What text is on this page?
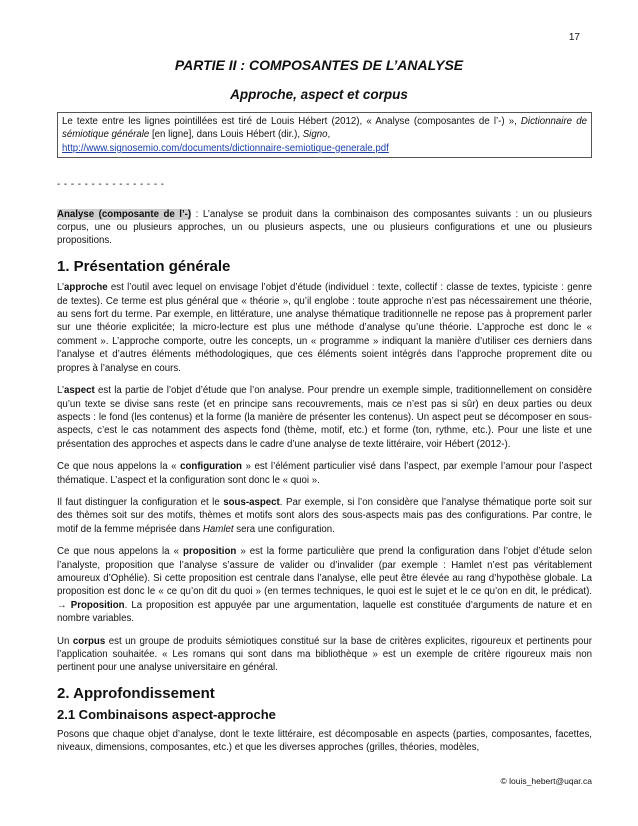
17
PARTIE II : COMPOSANTES DE L’ANALYSE
Approche, aspect et corpus

Le texte entre les lignes pointillées est tiré de Louis Hébert (2012), « Analyse (composantes de l’-) », Dictionnaire de sémiotique générale [en ligne], dans Louis Hébert (dir.), Signo,

http://www.signosemio.com/documents/dictionnaire-semiotique-generale.pdf

- - - - - - - - - - - - - - - -

Analyse (composante de l’-) : L’analyse se produit dans la combinaison des composantes suivants : un ou plusieurs corpus, une ou plusieurs approches, un ou plusieurs aspects, une ou plusieurs configurations et une ou plusieurs propositions.

1. Présentation générale

L’approche est l’outil avec lequel on envisage l’objet d’étude (individuel : texte, collectif : classe de textes, typiciste : genre de textes). Ce terme est plus général que « théorie », qu’il englobe : toute approche n’est pas nécessairement une théorie, au sens fort du terme. Par exemple, en littérature, une analyse thématique traditionnelle ne repose pas à proprement parler sur une théorie explicitée; la micro-lecture est plus une méthode d’analyse qu’une théorie. L’approche est donc le « comment ». L’approche comporte, outre les concepts, un « programme » indiquant la manière d’utiliser ces derniers dans l’analyse et d’autres éléments méthodologiques, que ces éléments soient intégrés dans l’approche proprement dite ou propres à l’analyse en cours.

L’aspect est la partie de l’objet d’étude que l’on analyse. Pour prendre un exemple simple, traditionnellement on considère qu’un texte se divise sans reste (et en principe sans recouvrements, mais ce n’est pas si sûr) en deux parties ou deux aspects : le fond (les contenus) et la forme (la manière de présenter les contenus). Un aspect peut se décomposer en sous-aspects, c’est le cas notamment des aspects fond (thème, motif, etc.) et forme (ton, rythme, etc.). Pour une liste et une présentation des approches et aspects dans le cadre d’une analyse de texte littéraire, voir Hébert (2012-).

Ce que nous appelons la « configuration » est l’élément particulier visé dans l’aspect, par exemple l’amour pour l’aspect thématique. L’aspect et la configuration sont donc le « quoi ».

Il faut distinguer la configuration et le sous-aspect. Par exemple, si l’on considère que l’analyse thématique porte soit sur des thèmes soit sur des motifs, thèmes et motifs sont alors des sous-aspects mais pas des configurations. Par contre, le motif de la femme méprisée dans Hamlet sera une configuration.

Ce que nous appelons la « proposition » est la forme particulière que prend la configuration dans l’objet d’étude selon l’analyste, proposition que l’analyse s’assure de valider ou d’invalider (par exemple : Hamlet n’est pas véritablement amoureux d’Ophélie). Si cette proposition est centrale dans l’analyse, elle peut être élevée au rang d’hypothèse globale. La proposition est donc le « ce qu’on dit du quoi » (en termes techniques, le quoi est le sujet et le ce qu’on en dit, le prédicat). → Proposition. La proposition est appuyée par une argumentation, laquelle est constituée d’arguments de nature et en nombre variables.

Un corpus est un groupe de produits sémiotiques constitué sur la base de critères explicites, rigoureux et pertinents pour l’application souhaitée. « Les romans qui sont dans ma bibliothèque » est un exemple de critère rigoureux mais non pertinent pour une analyse universitaire en général.

2. Approfondissement
2.1 Combinaisons aspect-approche

Posons que chaque objet d’analyse, dont le texte littéraire, est décomposable en aspects (parties, composantes, facettes, niveaux, dimensions, composantes, etc.) et que les diverses approches (grilles, théories, modèles,

© louis_hebert@uqar.ca
